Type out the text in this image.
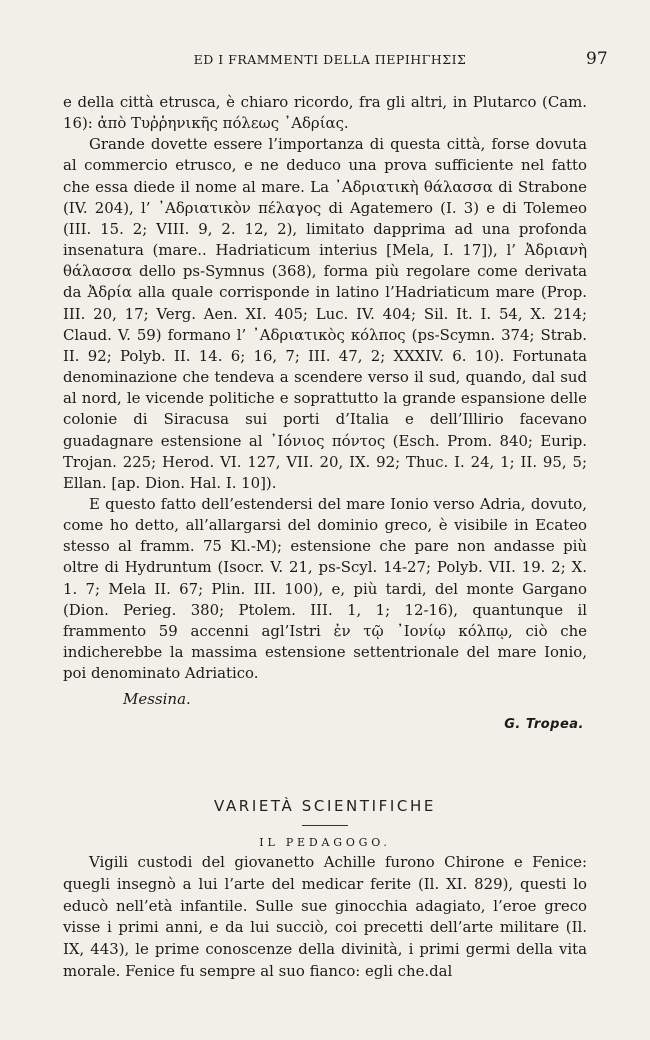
ED I FRAMMENTI DELLA ΠΕΡΙΗΓΗΣΙΣ	97

e della città etrusca, è chiaro ricordo, fra gli altri, in Plutarco (Cam. 16): ἀπὸ Τυῤῥηνικῆς πόλεως ᾿Αδρίας.

Grande dovette essere l’importanza di questa città, forse dovuta al commercio etrusco, e ne deduco una prova sufficiente nel fatto che essa diede il nome al mare. La ᾿Αδριατικὴ θάλασσα di Strabone (IV. 204), l’ ᾿Αδριατικὸν πέλαγος di Agatemero (I. 3) e di Tolemeo (III. 15. 2; VIII. 9, 2. 12, 2), limitato dapprima ad una profonda insenatura (mare.. Hadriaticum interius [Mela, I. 17]), l’ Ἀδριανὴ θάλασσα dello ps-Symnus (368), forma più regolare come derivata da Ἀδρία alla quale corrisponde in latino l’Hadriaticum mare (Prop. III. 20, 17; Verg. Aen. XI. 405; Luc. IV. 404; Sil. It. I. 54, X. 214; Claud. V. 59) formano l’ ᾿Αδριατικὸς κόλπος (ps-Scymn. 374; Strab. II. 92; Polyb. II. 14. 6; 16, 7; III. 47, 2; XXXIV. 6. 10). Fortunata denominazione che tendeva a scendere verso il sud, quando, dal sud al nord, le vicende politiche e soprattutto la grande espansione delle colonie di Siracusa sui porti d’Italia e dell’Illirio facevano guadagnare estensione al ᾿Ιόνιος πόντος (Esch. Prom. 840; Eurip. Trojan. 225; Herod. VI. 127, VII. 20, IX. 92; Thuc. I. 24, 1; II. 95, 5; Ellan. [ap. Dion. Hal. I. 10]).

E questo fatto dell’estendersi del mare Ionio verso Adria, dovuto, come ho detto, all’allargarsi del dominio greco, è visibile in Ecateo stesso al framm. 75 Kl.-M); estensione che pare non andasse più oltre di Hydruntum (Isocr. V. 21, ps-Scyl. 14-27; Polyb. VII. 19. 2; X. 1. 7; Mela II. 67; Plin. III. 100), e, più tardi, del monte Gargano (Dion. Perieg. 380; Ptolem. III. 1, 1; 12-16), quantunque il frammento 59 accenni agl’Istri ἐν τῷ ᾿Ιονίῳ κόλπῳ, ciò che indicherebbe la massima estensione settentrionale del mare Ionio, poi denominato Adriatico.

Messina.

G. Tropea.

VARIETÀ SCIENTIFICHE
IL PEDAGOGO.

Vigili custodi del giovanetto Achille furono Chirone e Fenice: quegli insegnò a lui l’arte del medicar ferite (Il. XI. 829), questi lo educò nell’età infantile. Sulle sue ginocchia adagiato, l’eroe greco visse i primi anni, e da lui succiò, coi precetti dell’arte militare (Il. IX, 443), le prime conoscenze della divinità, i primi germi della vita morale. Fenice fu sempre al suo fianco: egli che.dal
